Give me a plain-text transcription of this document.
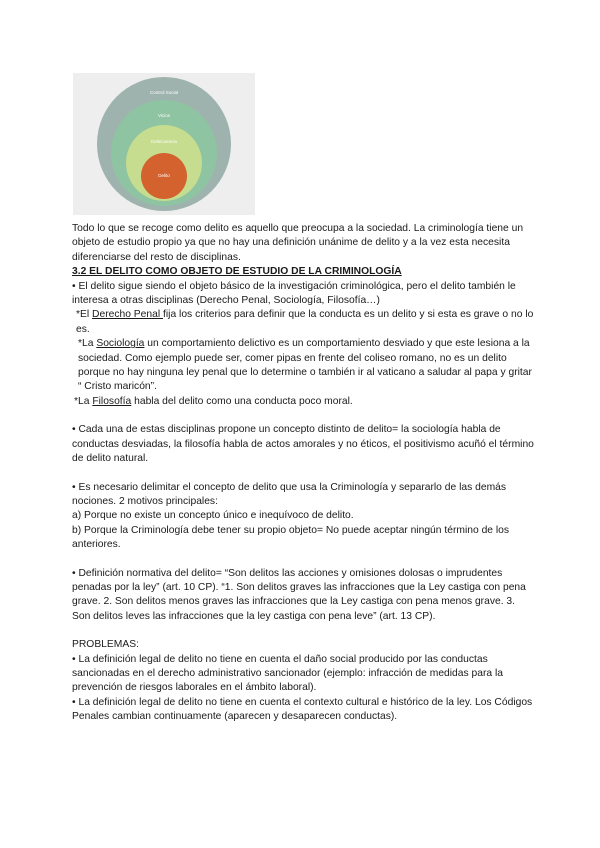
Control Social
Vicios
Delincuencia
Delito

Todo lo que se recoge como delito es aquello que preocupa a la sociedad. La criminología tiene un objeto de estudio propio ya que no hay una definición unánime de delito y a la vez esta necesita diferenciarse del resto de disciplinas.

3.2 EL DELITO COMO OBJETO DE ESTUDIO DE LA CRIMINOLOGÍA

• El delito sigue siendo el objeto básico de la investigación criminológica, pero el delito también le interesa a otras disciplinas (Derecho Penal, Sociología, Filosofía…)

*El Derecho Penal fija los criterios para definir que la conducta es un delito y si esta es grave o no lo es.

*La Sociología un comportamiento delictivo es un comportamiento desviado y que este lesiona a la sociedad. Como ejemplo puede ser, comer pipas en frente del coliseo romano, no es un delito porque no hay ninguna ley penal que lo determine o también ir al vaticano a saludar al papa y gritar “ Cristo maricón”.

*La Filosofía habla del delito como una conducta poco moral.

• Cada una de estas disciplinas propone un concepto distinto de delito= la sociología habla de conductas desviadas, la filosofía habla de actos amorales y no éticos, el positivismo acuñó el término de delito natural.

• Es necesario delimitar el concepto de delito que usa la Criminología y separarlo de las demás nociones. 2 motivos principales:

a) Porque no existe un concepto único e inequívoco de delito.

b) Porque la Criminología debe tener su propio objeto= No puede aceptar ningún término de los anteriores.

• Definición normativa del delito= “Son delitos las acciones y omisiones dolosas o imprudentes penadas por la ley” (art. 10 CP). “1. Son delitos graves las infracciones que la Ley castiga con pena grave. 2. Son delitos menos graves las infracciones que la Ley castiga con pena menos grave. 3. Son delitos leves las infracciones que la ley castiga con pena leve” (art. 13 CP).

PROBLEMAS:

• La definición legal de delito no tiene en cuenta el daño social producido por las conductas sancionadas en el derecho administrativo sancionador (ejemplo: infracción de medidas para la prevención de riesgos laborales en el ámbito laboral).

• La definición legal de delito no tiene en cuenta el contexto cultural e histórico de la ley. Los Códigos Penales cambian continuamente (aparecen y desaparecen conductas).
